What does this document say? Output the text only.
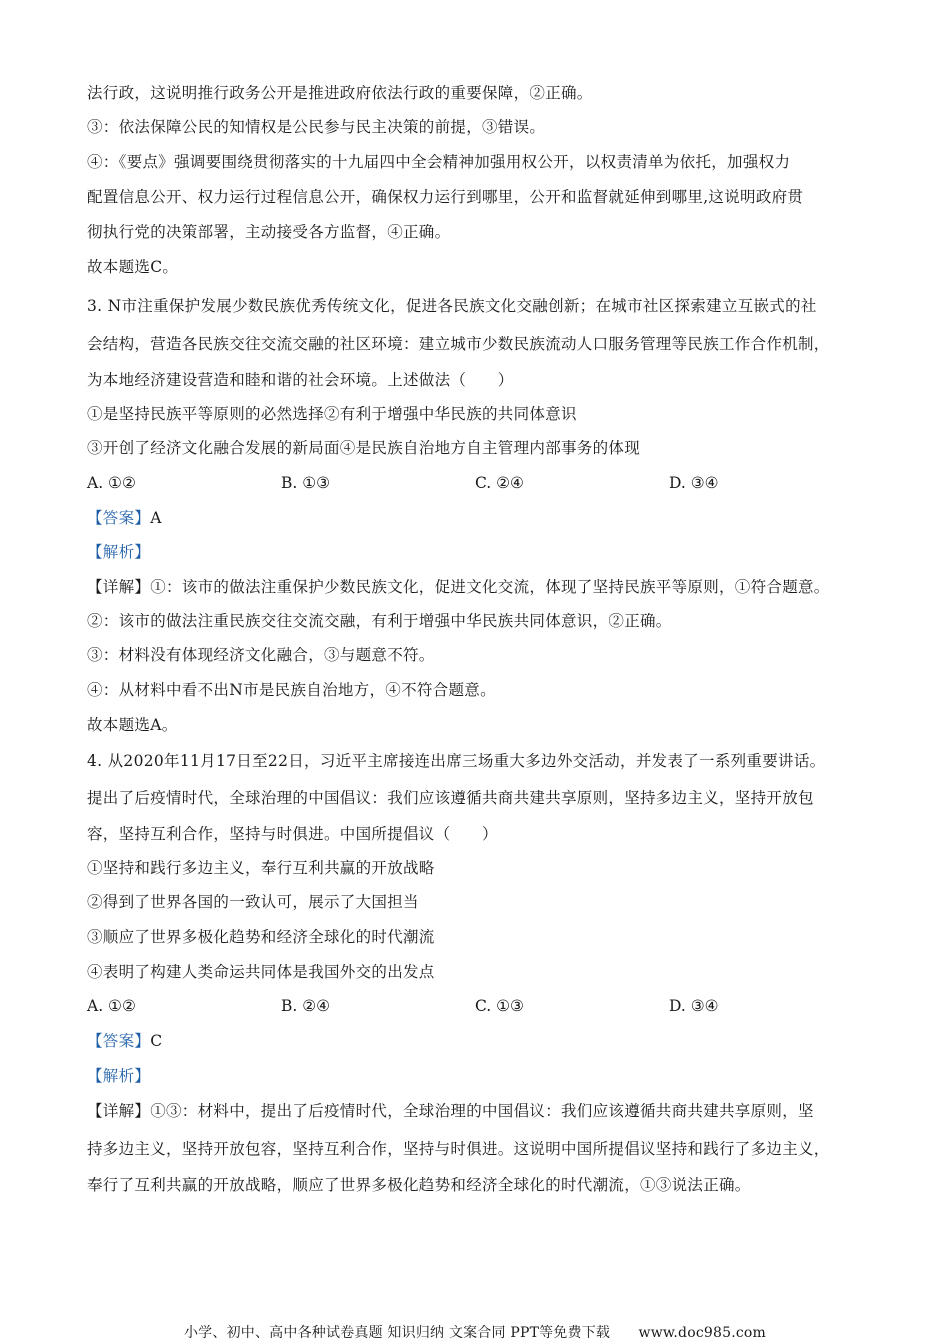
法行政，这说明推行政务公开是推进政府依法行政的重要保障，②正确。
③：依法保障公民的知情权是公民参与民主决策的前提，③错误。
④：《要点》强调要围绕贯彻落实的十九届四中全会精神加强用权公开，以权责清单为依托，加强权力
配置信息公开、权力运行过程信息公开，确保权力运行到哪里，公开和监督就延伸到哪里,这说明政府贯
彻执行党的决策部署，主动接受各方监督，④正确。
故本题选C。
3. N市注重保护发展少数民族优秀传统文化，促进各民族文化交融创新；在城市社区探索建立互嵌式的社
会结构，营造各民族交往交流交融的社区环境：建立城市少数民族流动人口服务管理等民族工作合作机制，
为本地经济建设营造和睦和谐的社会环境。上述做法（　　）
①是坚持民族平等原则的必然选择②有利于增强中华民族的共同体意识
③开创了经济文化融合发展的新局面④是民族自治地方自主管理内部事务的体现
A. ①②	B. ①③	C. ②④	D. ③④
【答案】A
【解析】
【详解】①：该市的做法注重保护少数民族文化，促进文化交流，体现了坚持民族平等原则，①符合题意。
②：该市的做法注重民族交往交流交融，有利于增强中华民族共同体意识，②正确。
③：材料没有体现经济文化融合，③与题意不符。
④：从材料中看不出N市是民族自治地方，④不符合题意。
故本题选A。
4. 从2020年11月17日至22日，习近平主席接连出席三场重大多边外交活动，并发表了一系列重要讲话。
提出了后疫情时代，全球治理的中国倡议：我们应该遵循共商共建共享原则，坚持多边主义，坚持开放包
容，坚持互利合作，坚持与时俱进。中国所提倡议（　　）
①坚持和践行多边主义，奉行互利共赢的开放战略
②得到了世界各国的一致认可，展示了大国担当
③顺应了世界多极化趋势和经济全球化的时代潮流
④表明了构建人类命运共同体是我国外交的出发点
A. ①②	B. ②④	C. ①③	D. ③④
【答案】C
【解析】
【详解】①③：材料中，提出了后疫情时代，全球治理的中国倡议：我们应该遵循共商共建共享原则，坚
持多边主义，坚持开放包容，坚持互利合作，坚持与时俱进。这说明中国所提倡议坚持和践行了多边主义，
奉行了互利共赢的开放战略，顺应了世界多极化趋势和经济全球化的时代潮流，①③说法正确。
小学、初中、高中各种试卷真题 知识归纳 文案合同 PPT等免费下载　　www.doc985.com
